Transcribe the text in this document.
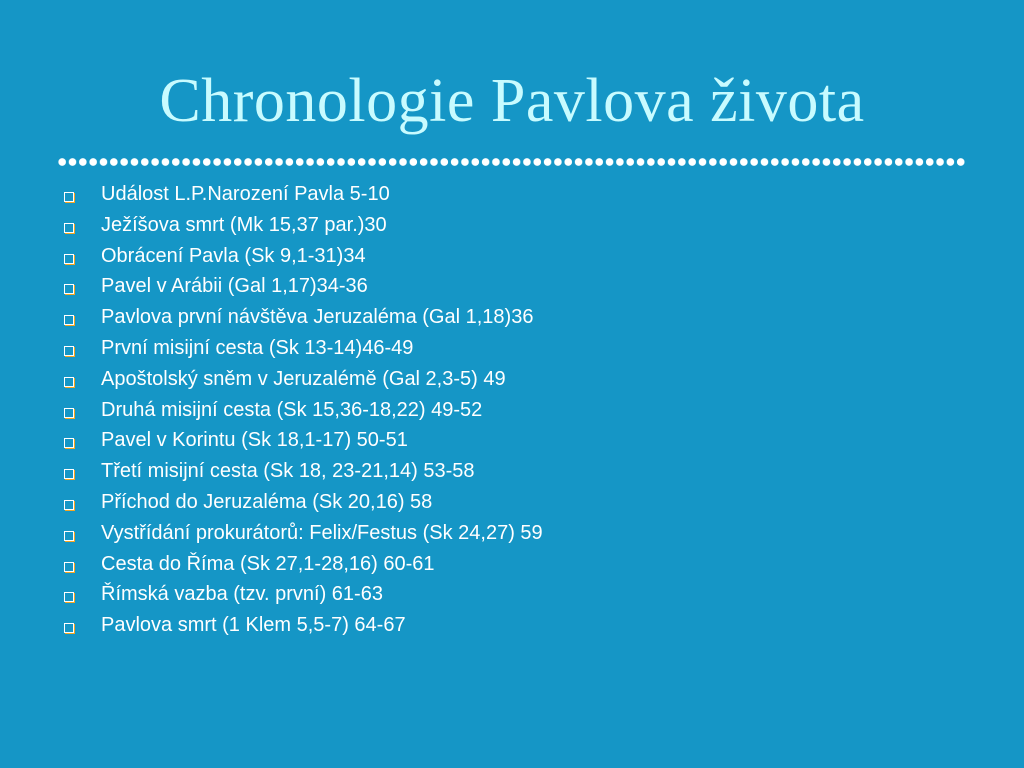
Chronologie Pavlova života
Událost L.P.Narození Pavla 5-10
Ježíšova smrt (Mk 15,37 par.)30
Obrácení Pavla (Sk 9,1-31)34
Pavel v Arábii (Gal 1,17)34-36
Pavlova první návštěva Jeruzaléma (Gal 1,18)36
První misijní cesta (Sk 13-14)46-49
Apoštolský sněm v Jeruzalémě (Gal 2,3-5) 49
Druhá misijní cesta (Sk 15,36-18,22) 49-52
Pavel v Korintu (Sk 18,1-17) 50-51
Třetí misijní cesta (Sk 18, 23-21,14) 53-58
Příchod do Jeruzaléma (Sk 20,16) 58
Vystřídání prokurátorů: Felix/Festus (Sk 24,27) 59
Cesta do Říma (Sk 27,1-28,16) 60-61
Římská vazba (tzv. první) 61-63
Pavlova smrt (1 Klem 5,5-7) 64-67
